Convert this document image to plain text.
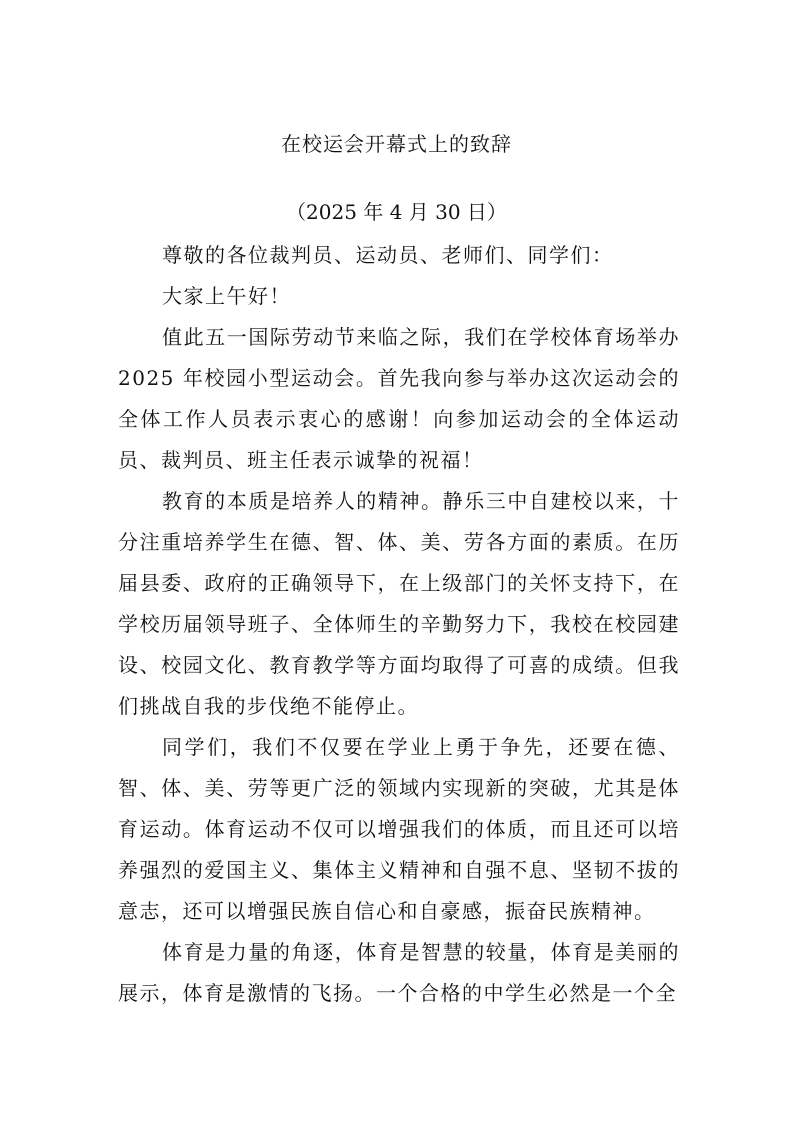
在校运会开幕式上的致辞
（2025 年 4 月 30 日）

尊敬的各位裁判员、运动员、老师们、同学们：

大家上午好！

值此五一国际劳动节来临之际，我们在学校体育场举办2025 年校园小型运动会。首先我向参与举办这次运动会的全体工作人员表示衷心的感谢！向参加运动会的全体运动员、裁判员、班主任表示诚挚的祝福！

教育的本质是培养人的精神。静乐三中自建校以来，十分注重培养学生在德、智、体、美、劳各方面的素质。在历届县委、政府的正确领导下，在上级部门的关怀支持下，在学校历届领导班子、全体师生的辛勤努力下，我校在校园建设、校园文化、教育教学等方面均取得了可喜的成绩。但我们挑战自我的步伐绝不能停止。

同学们，我们不仅要在学业上勇于争先，还要在德、智、体、美、劳等更广泛的领域内实现新的突破，尤其是体育运动。体育运动不仅可以增强我们的体质，而且还可以培养强烈的爱国主义、集体主义精神和自强不息、坚韧不拔的意志，还可以增强民族自信心和自豪感，振奋民族精神。

体育是力量的角逐，体育是智慧的较量，体育是美丽的展示，体育是激情的飞扬。一个合格的中学生必然是一个全
